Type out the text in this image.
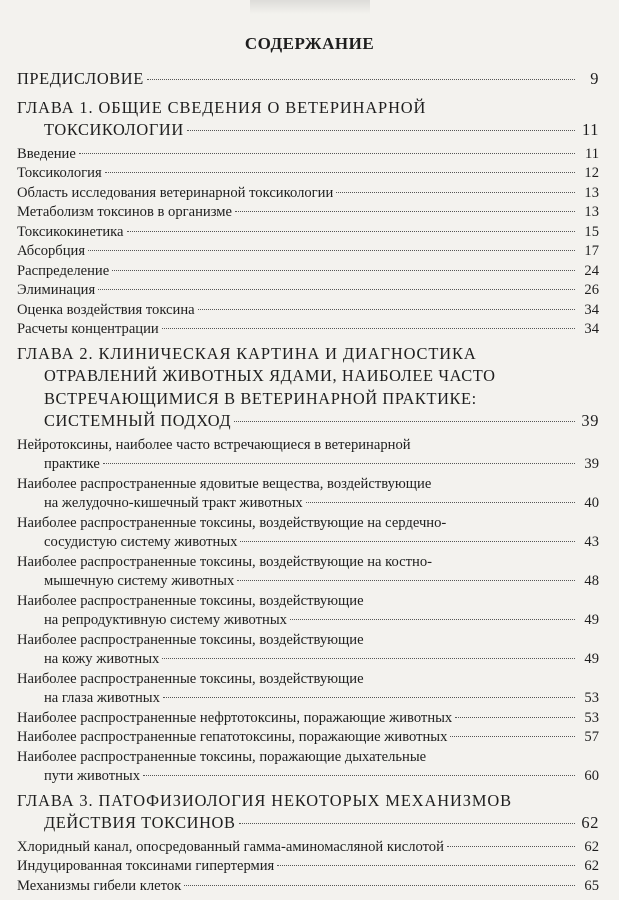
СОДЕРЖАНИЕ
ПРЕДИСЛОВИЕ	9
ГЛАВА 1. ОБЩИЕ СВЕДЕНИЯ О ВЕТЕРИНАРНОЙ
ТОКСИКОЛОГИИ	11
Введение	11
Токсикология	12
Область исследования ветеринарной токсикологии	13
Метаболизм токсинов в организме	13
Токсикокинетика	15
Абсорбция	17
Распределение	24
Элиминация	26
Оценка воздействия токсина	34
Расчеты концентрации	34
ГЛАВА 2. КЛИНИЧЕСКАЯ КАРТИНА И ДИАГНОСТИКА
ОТРАВЛЕНИЙ ЖИВОТНЫХ ЯДАМИ, НАИБОЛЕЕ ЧАСТО
ВСТРЕЧАЮЩИМИСЯ В ВЕТЕРИНАРНОЙ ПРАКТИКЕ:
СИСТЕМНЫЙ ПОДХОД	39
Нейротоксины, наиболее часто встречающиеся в ветеринарной
практике	39
Наиболее распространенные ядовитые вещества, воздействующие
на желудочно-кишечный тракт животных	40
Наиболее распространенные токсины, воздействующие на сердечно-
сосудистую систему животных	43
Наиболее распространенные токсины, воздействующие на костно-
мышечную систему животных	48
Наиболее распространенные токсины, воздействующие
на репродуктивную систему животных	49
Наиболее распространенные токсины, воздействующие
на кожу животных	49
Наиболее распространенные токсины, воздействующие
на глаза животных	53
Наиболее распространенные нефртотоксины, поражающие животных	53
Наиболее распространенные гепатотоксины, поражающие животных	57
Наиболее распространенные токсины, поражающие дыхательные
пути животных	60
ГЛАВА 3. ПАТОФИЗИОЛОГИЯ НЕКОТОРЫХ МЕХАНИЗМОВ
ДЕЙСТВИЯ ТОКСИНОВ	62
Хлоридный канал, опосредованный гамма-аминомасляной кислотой	62
Индуцированная токсинами гипертермия	62
Механизмы гибели клеток	65
